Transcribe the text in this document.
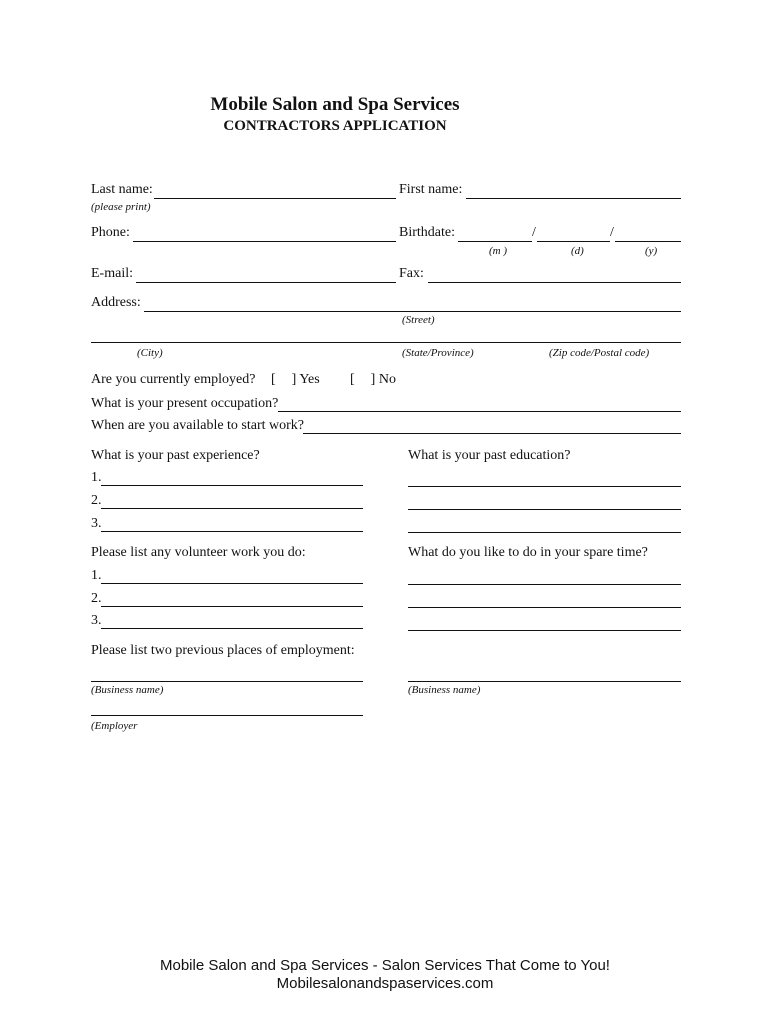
Mobile Salon and Spa Services
CONTRACTORS APPLICATION
Last name:	First name:
(please print)
Phone:	Birthdate:	/	/
(m )	(d)	(y)
E-mail:	Fax:
Address:
(Street)
(City)	(State/Province)	(Zip code/Postal code)
Are you currently employed? [ ] Yes [ ] No
What is your present occupation?
When are you available to start work?
What is your past experience?	What is your past education?
1.
2.
3.
Please list any volunteer work you do:	What do you like to do in your spare time?
1.
2.
3.
Please list two previous places of employment:
(Business name)	(Business name)
(Employer
Mobile Salon and Spa Services - Salon Services That Come to You!
Mobilesalonandspaservices.com
